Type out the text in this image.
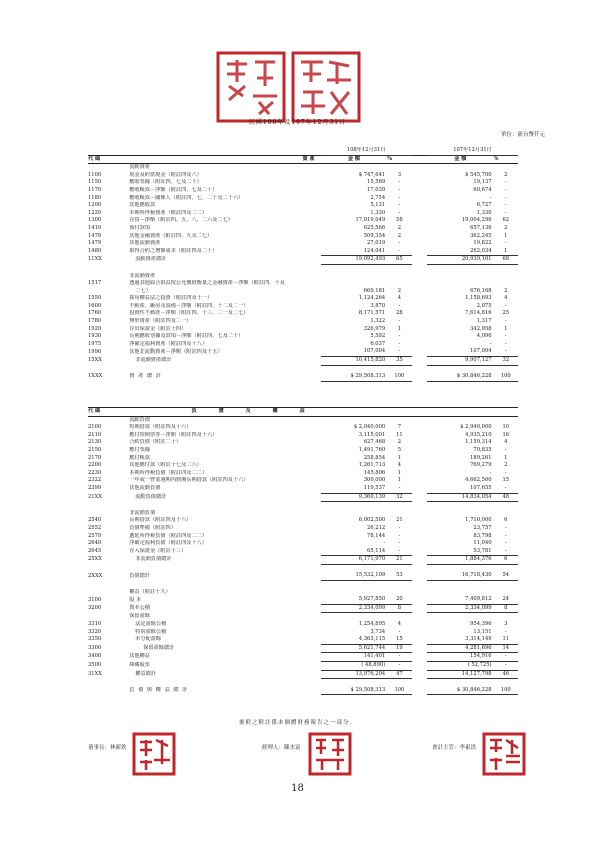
民國108年及107年12月31日
單位：新台幣仟元
		108年12月31日			107年12月31日	
代 碼	資 產	金 額	%		金 額	%
	流動資產					
1100	現金及約當現金（附註四及六）	$ 747,641	3		$ 545,700	2
1150	應收票據（附註四、七及二十）	15,569	-		19,137	-
1170	應收帳款－淨額（附註四、七及二十）	17,039	-		60,674	-
1180	應收帳款－關係人（附註四、七、二十及二十六）	2,754	-		-	-
1200	其他應收款	5,131	-		6,727	-
1220	本期所得稅資產（附註四及二二）	1,330	-		1,330	-
1300	存貨－淨額（附註四、五、八、二六及二七）	17,019,049	58		19,004,296	62
1410	預付款項	625,566	2		657,136	2
1476	其他金融資產（附註四、九及二七）	509,354	2		362,245	1
1479	其他流動資產	27,019	-		19,822	-
1480	取得合約之增額成本（附註四及二十）	124,041	-		262,034	1
11XX	流動資產總計	19,092,493	65		20,939,101	68

	非流動資產					
1517	透過其他綜合損益按公允價值衡量之金融資產－淨額（附註四、十及					
	二七）	669,181	2		676,168	2
1550	採用權益法之投資（附註四及十一）	1,124,264	4		1,158,693	4
1600	不動產、廠房及設備－淨額（附註四、十二及二一）	3,870	-		2,075	-
1760	投資性不動產－淨額（附註四、十三、二一及二七）	8,171,571	28		7,614,816	25
1780	無形資產（附註四及二一）	1,322	-		1,317	-
1920	存出保證金（附註十四）	326,979	1		342,958	1
1930	長期應收票據及款項－淨額（附註四、七及二十）	5,592	-		4,096	-
1975	淨確定福利資產（附註四及十八）	6,037	-		-	-
1990	其他非流動資產－淨額（附註四及十五）	107,004	-		107,004	-
15XX	非流動資產總計	10,415,820	35		9,907,127	32

1XXX	資 產 總 計	$ 29,508,313	100		$ 30,846,228	100
代 碼	負 債 及 權 益					
	流動負債					
2100	短期借款（附註四及十六）	$ 2,040,000	7		$ 2,940,000	10
2110	應付短期票券－淨額（附註四及十六）	3,115,001	11		4,935,210	16
2130	合約負債（附註二十）	627,468	2		1,159,314	4
2150	應付票據	1,491,760	5		70,835	-
2170	應付帳款	258,854	1		189,261	1
2200	其他應付款（附註十七及二六）	1,261,713	4		769,279	2
2230	本期所得稅負債（附註四及二二）	145,806	1		-	-
2322	一年或一營業週期內到期長期借款（附註四及十六）	300,000	1		4,662,500	15
2399	其他流動負債	119,537	-		107,655	-
21XX	流動負債總計	9,360,139	32		14,834,054	48

	非流動負債					
2540	長期借款（附註四及十六）	6,002,500	21		1,710,000	6
2552	負債準備（附註四）	26,212	-		23,757	-
2570	遞延所得稅負債（附註四及二二）	78,144	-		83,798	-
2640	淨確定福利負債（附註四及十八）	-	-		11,040	-
2645	存入保證金（附註十三）	65,114	-		53,781	-
25XX	非流動負債總計	6,171,970	21		1,884,376	6

2XXX	負債總計	15,532,109	53		16,718,430	54

	權益（附註十九）					
3100	股 本	5,927,850	20		7,409,812	24
3200	資本公積	2,334,099	8		2,334,099	8
	保留盈餘					
3310	法定盈餘公積	1,254,895	4		954,396	3
3320	特別盈餘公積	3,734	-		13,151	-
3350	未分配盈餘	4,363,115	15		3,314,149	11
3300	保留盈餘總計	5,621,744	19		4,281,696	14
3400	其他權益	141,401	-		154,916	-
3500	庫藏股票	( 48,890)	-		( 52,725)	-
31XX	權益總計	13,976,204	47		14,127,798	46

	負 債 與 權 益 總 計	$ 29,508,313	100		$ 30,846,228	100
後附之附註係本個體財務報告之一部分。
董事長：林新欽	經理人：陳水富	會計主管：李東洪
18
